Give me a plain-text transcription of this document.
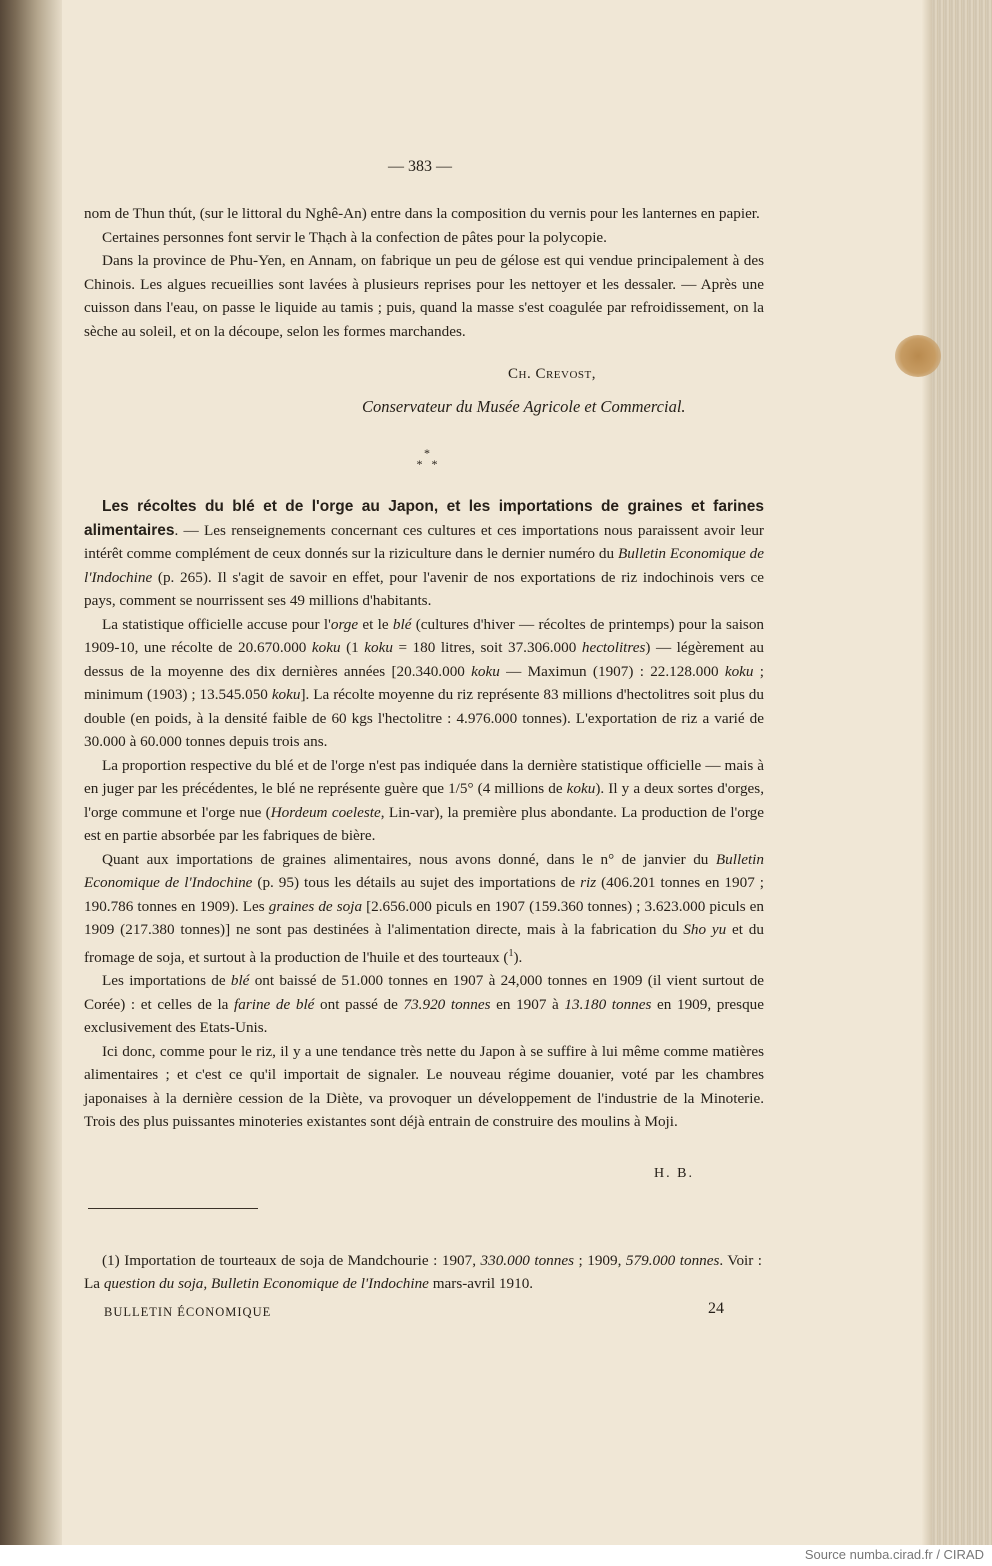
— 383 —

nom de Thun thút, (sur le littoral du Nghê-An) entre dans la composition du vernis pour les lanternes en papier.

Certaines personnes font servir le Thạch à la confection de pâtes pour la polycopie.

Dans la province de Phu-Yen, en Annam, on fabrique un peu de gélose est qui vendue principalement à des Chinois. Les algues recueillies sont lavées à plusieurs reprises pour les nettoyer et les dessaler. — Après une cuisson dans l'eau, on passe le liquide au tamis ; puis, quand la masse s'est coagulée par refroidissement, on la sèche au soleil, et on la découpe, selon les formes marchandes.

Ch. Crevost,
Conservateur du Musée Agricole et Commercial.
*
*   *

Les récoltes du blé et de l'orge au Japon, et les importations de graines et farines alimentaires. — Les renseignements concernant ces cultures et ces importations nous paraissent avoir leur intérêt comme complément de ceux donnés sur la riziculture dans le dernier numéro du Bulletin Economique de l'Indochine (p. 265). Il s'agit de savoir en effet, pour l'avenir de nos exportations de riz indochinois vers ce pays, comment se nourrissent ses 49 millions d'habitants.

La statistique officielle accuse pour l'orge et le blé (cultures d'hiver — récoltes de printemps) pour la saison 1909-10, une récolte de 20.670.000 koku (1 koku = 180 litres, soit 37.306.000 hectolitres) — légèrement au dessus de la moyenne des dix dernières années [20.340.000 koku — Maximun (1907) : 22.128.000 koku ; minimum (1903) ; 13.545.050 koku]. La récolte moyenne du riz représente 83 millions d'hectolitres soit plus du double (en poids, à la densité faible de 60 kgs l'hectolitre : 4.976.000 tonnes). L'exportation de riz a varié de 30.000 à 60.000 tonnes depuis trois ans.

La proportion respective du blé et de l'orge n'est pas indiquée dans la dernière statistique officielle — mais à en juger par les précédentes, le blé ne représente guère que 1/5° (4 millions de koku). Il y a deux sortes d'orges, l'orge commune et l'orge nue (Hordeum coeleste, Lin-var), la première plus abondante. La production de l'orge est en partie absorbée par les fabriques de bière.

Quant aux importations de graines alimentaires, nous avons donné, dans le n° de janvier du Bulletin Economique de l'Indochine (p. 95) tous les détails au sujet des importations de riz (406.201 tonnes en 1907 ; 190.786 tonnes en 1909). Les graines de soja [2.656.000 piculs en 1907 (159.360 tonnes) ; 3.623.000 piculs en 1909 (217.380 tonnes)] ne sont pas destinées à l'alimentation directe, mais à la fabrication du Sho yu et du fromage de soja, et surtout à la production de l'huile et des tourteaux ($^1$).

Les importations de blé ont baissé de 51.000 tonnes en 1907 à 24,000 tonnes en 1909 (il vient surtout de Corée) : et celles de la farine de blé ont passé de 73.920 tonnes en 1907 à 13.180 tonnes en 1909, presque exclusivement des Etats-Unis.

Ici donc, comme pour le riz, il y a une tendance très nette du Japon à se suffire à lui même comme matières alimentaires ; et c'est ce qu'il importait de signaler. Le nouveau régime douanier, voté par les chambres japonaises à la dernière cession de la Diète, va provoquer un développement de l'industrie de la Minoterie. Trois des plus puissantes minoteries existantes sont déjà entrain de construire des moulins à Moji.

H. B.

(1) Importation de tourteaux de soja de Mandchourie : 1907, 330.000 tonnes ; 1909, 579.000 tonnes. Voir : La question du soja, Bulletin Economique de l'Indochine mars-avril 1910.

BULLETIN ÉCONOMIQUE	24
Source numba.cirad.fr / CIRAD
